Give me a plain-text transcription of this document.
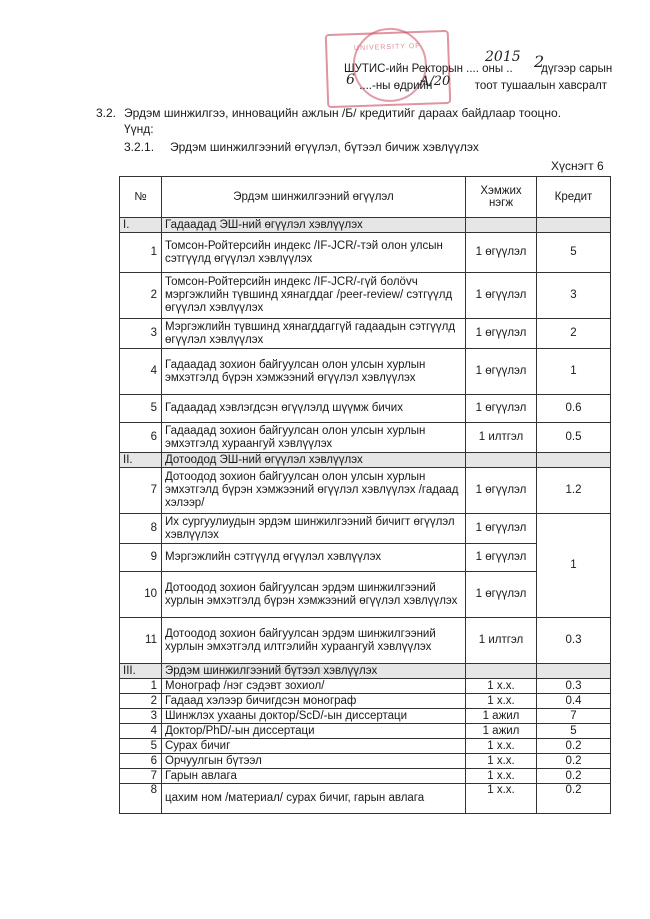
UNIVERSITY OF
ШУТИС-ийн Ректорын .... оны .. дүгээр сарын
2015 2
....-ны өдрийн	тоот тушаалын хавсралт
6	A/20
3.2. Эрдэм шинжилгээ, инновацийн ажлын /Б/ кредитийг дараах байдлаар тооцно.
Үүнд:
3.2.1. Эрдэм шинжилгээний өгүүлэл, бүтээл бичиж хэвлүүлэх
Хүснэгт 6
№	Эрдэм шинжилгээний өгүүлэл	Хэмжих нэгж	Кредит
I.	Гадаадад ЭШ-ний өгүүлэл хэвлүүлэх		
1	Томсон-Ройтерсийн индекс /IF-JCR/-тэй олон улсын сэтгүүлд өгүүлэл хэвлүүлэх	1 өгүүлэл	5
2	Томсон-Ройтерсийн индекс /IF-JCR/-гүй болövч мэргэжлийн түвшинд хянагддаг /peer-review/ сэтгүүлд өгүүлэл хэвлүүлэх	1 өгүүлэл	3
3	Мэргэжлийн түвшинд хянагддаггүй гадаадын сэтгүүлд өгүүлэл хэвлүүлэх	1 өгүүлэл	2
4	Гадаадад зохион байгуулсан олон улсын хурлын эмхэтгэлд бүрэн хэмжээний өгүүлэл хэвлүүлэх	1 өгүүлэл	1
5	Гадаадад хэвлэгдсэн өгүүлэлд шүүмж бичих	1 өгүүлэл	0.6
6	Гадаадад зохион байгуулсан олон улсын хурлын эмхэтгэлд хураангуй хэвлүүлэх	1 илтгэл	0.5
II.	Дотоодод ЭШ-ний өгүүлэл хэвлүүлэх		
7	Дотоодод зохион байгуулсан олон улсын хурлын эмхэтгэлд бүрэн хэмжээний өгүүлэл хэвлүүлэх /гадаад хэлээр/	1 өгүүлэл	1.2
8	Их сургуулиудын эрдэм шинжилгээний бичигт өгүүлэл хэвлүүлэх	1 өгүүлэл	1
9	Мэргэжлийн сэтгүүлд өгүүлэл хэвлүүлэх	1 өгүүлэл	
10	Дотоодод зохион байгуулсан эрдэм шинжилгээний хурлын эмхэтгэлд бүрэн хэмжээний өгүүлэл хэвлүүлэх	1 өгүүлэл	
11	Дотоодод зохион байгуулсан эрдэм шинжилгээний хурлын эмхэтгэлд илтгэлийн хураангуй хэвлүүлэх	1 илтгэл	0.3
III.	Эрдэм шинжилгээний бүтээл хэвлүүлэх		
1	Монограф /нэг сэдэвт зохиол/	1 х.х.	0.3
2	Гадаад хэлээр бичигдсэн монограф	1 х.х.	0.4
3	Шинжлэх ухааны доктор/ScD/-ын диссертаци	1 ажил	7
4	Доктор/PhD/-ын диссертаци	1 ажил	5
5	Сурах бичиг	1 х.х.	0.2
6	Орчуулгын бүтээл	1 х.х.	0.2
7	Гарын авлага	1 х.х.	0.2
8	цахим ном /материал/ сурах бичиг, гарын авлага	1 х.х.	0.2
